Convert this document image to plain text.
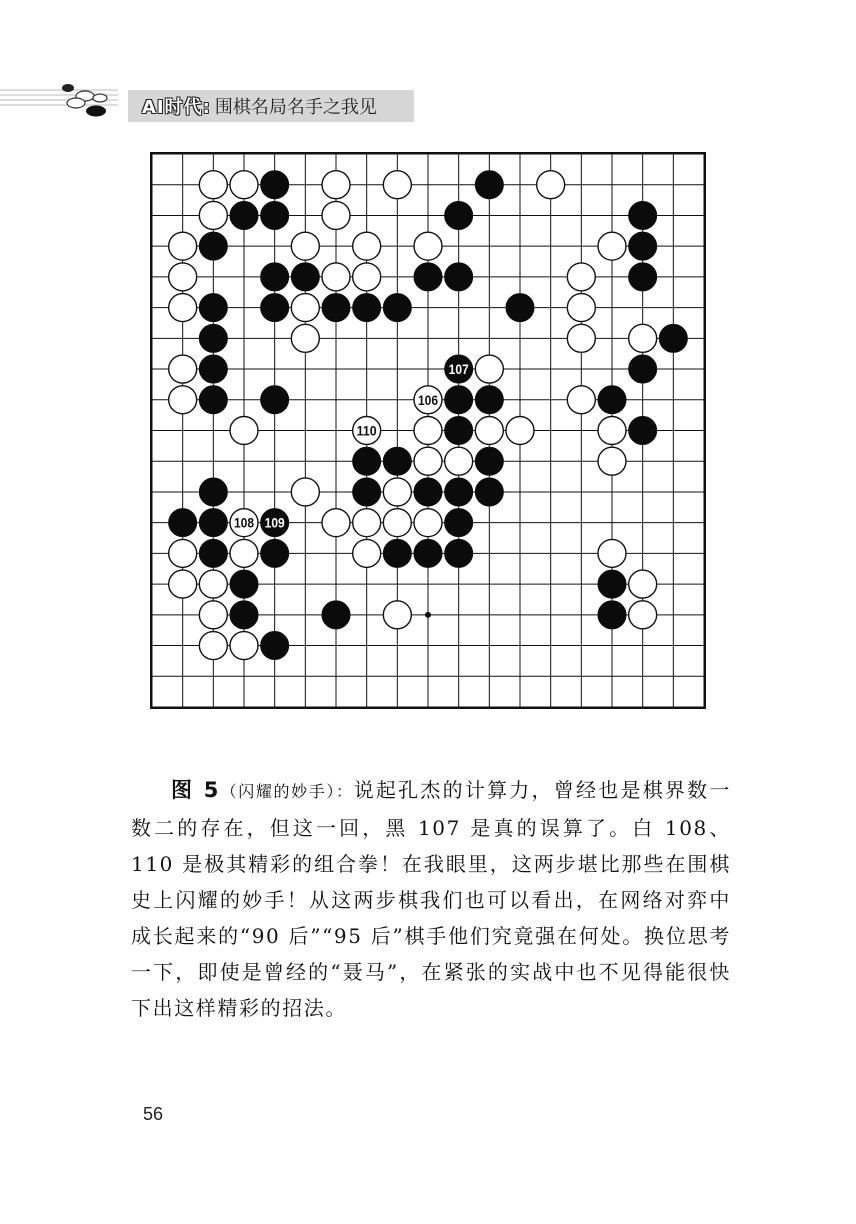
AI时代: 围棋名局名手之我见
107
106
110
108 109

图 5（闪耀的妙手）：说起孔杰的计算力，曾经也是棋界数一数二的存在，但这一回，黑 107 是真的误算了。白 108、110 是极其精彩的组合拳！在我眼里，这两步堪比那些在围棋史上闪耀的妙手！从这两步棋我们也可以看出，在网络对弈中成长起来的“90 后”“95 后”棋手他们究竟强在何处。换位思考一下，即使是曾经的“聂马”，在紧张的实战中也不见得能很快下出这样精彩的招法。

56
